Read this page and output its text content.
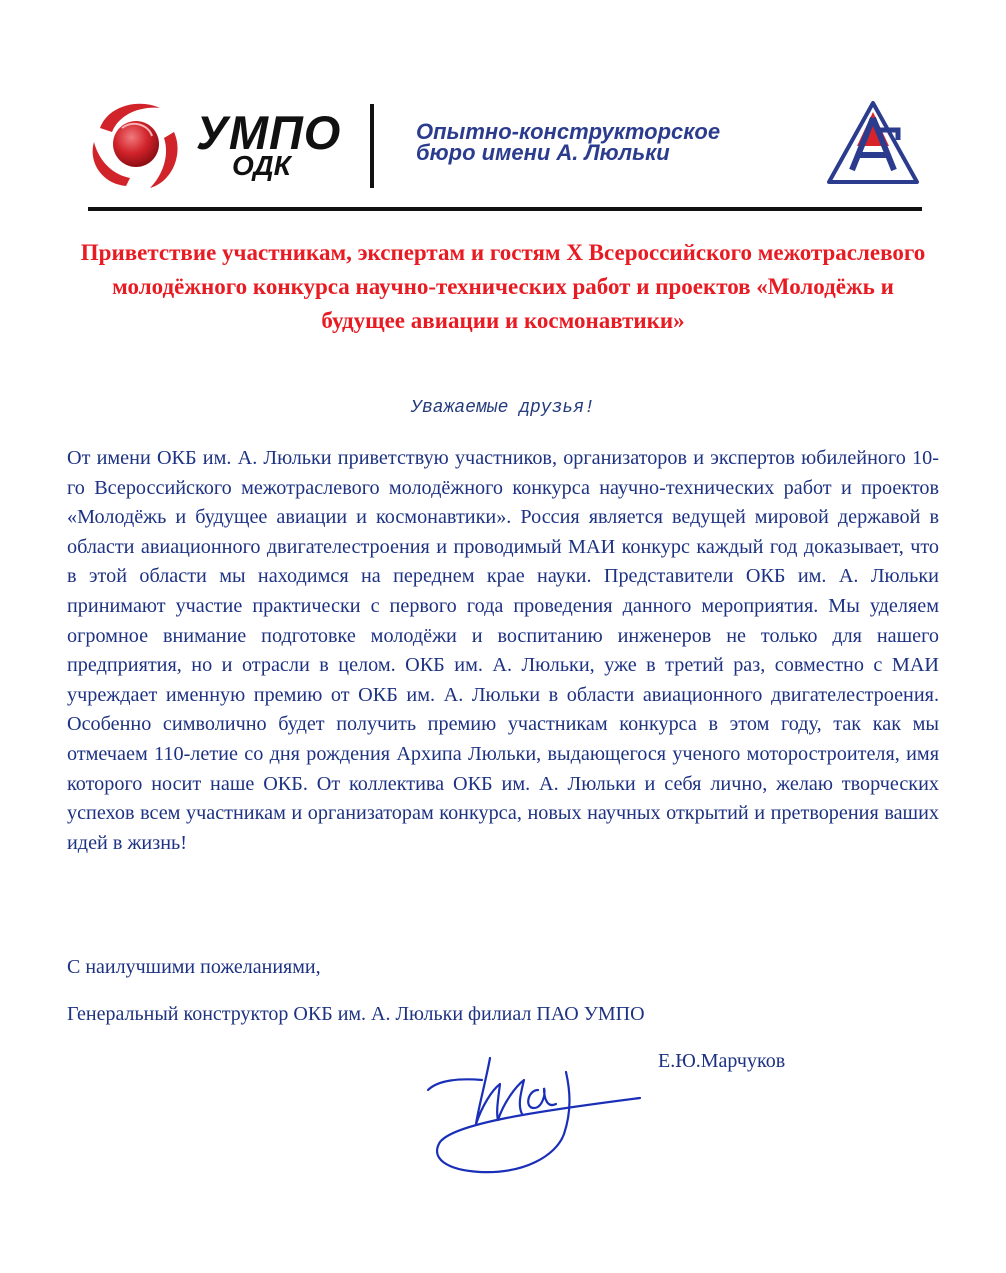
УМПО
ОДК
Опытно-конструкторское
бюро имени А. Люльки
Приветствие участникам, экспертам и гостям X Всероссийского межотраслевого молодёжного конкурса научно-технических работ и проектов «Молодёжь и будущее авиации и космонавтики»
Уважаемые друзья!
От имени ОКБ им. А. Люльки приветствую участников, организаторов и экспертов юбилейного 10-го Всероссийского межотраслевого молодёжного конкурса научно-технических работ и проектов «Молодёжь и будущее авиации и космонавтики». Россия является ведущей мировой державой в области авиационного двигателестроения и проводимый МАИ конкурс каждый год доказывает, что в этой области мы находимся на переднем крае науки. Представители ОКБ им. А. Люльки принимают участие практически с первого года проведения данного мероприятия. Мы уделяем огромное внимание подготовке молодёжи и воспитанию инженеров не только для нашего предприятия, но и отрасли в целом. ОКБ им. А. Люльки, уже в третий раз, совместно с МАИ учреждает именную премию от ОКБ им. А. Люльки в области авиационного двигателестроения. Особенно символично будет получить премию участникам конкурса в этом году, так как мы отмечаем 110-летие со дня рождения Архипа Люльки, выдающегося ученого моторостроителя, имя которого носит наше ОКБ. От коллектива ОКБ им. А. Люльки и себя лично, желаю творческих успехов всем участникам и организаторам конкурса, новых научных открытий и претворения ваших идей в жизнь!
С наилучшими пожеланиями,
Генеральный конструктор ОКБ им. А. Люльки филиал ПАО УМПО
Е.Ю.Марчуков
